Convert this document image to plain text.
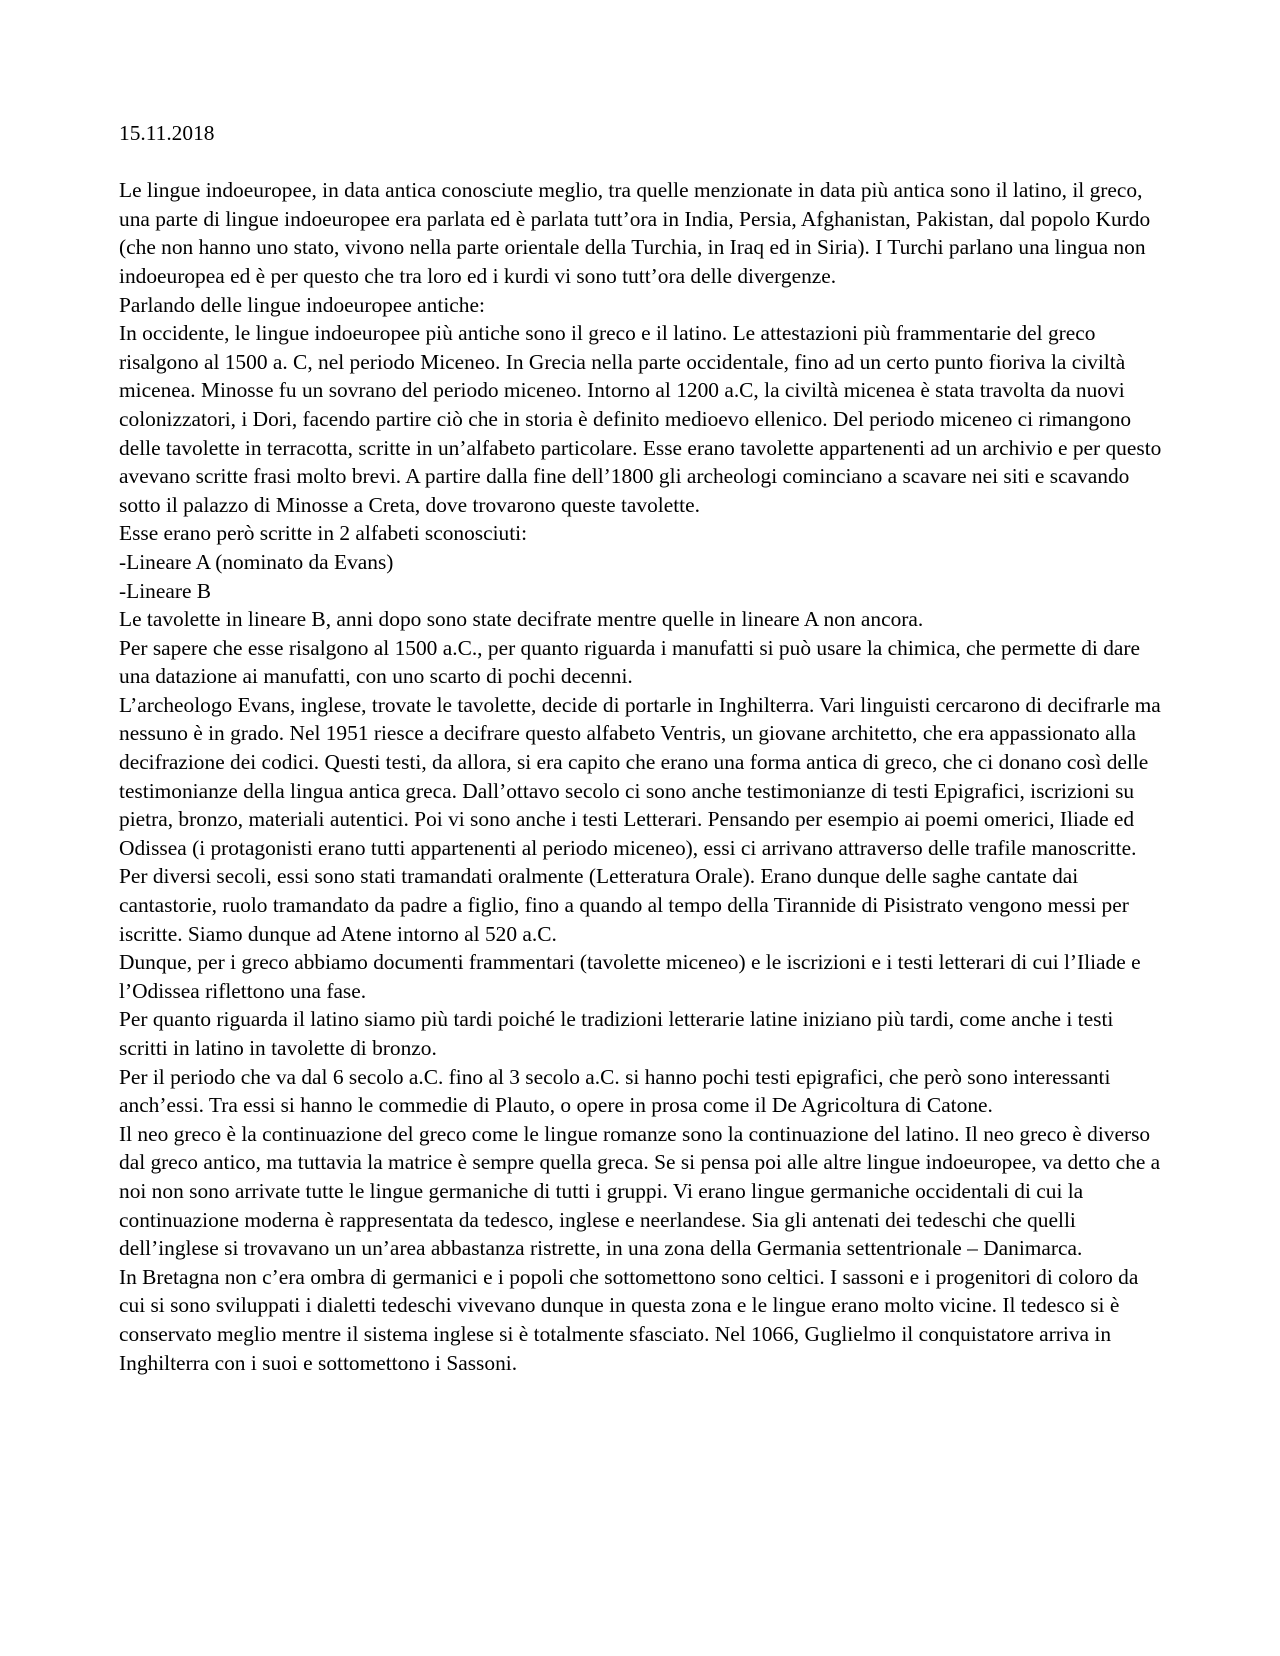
15.11.2018

Le lingue indoeuropee, in data antica conosciute meglio, tra quelle menzionate in data più antica sono il latino, il greco, una parte di lingue indoeuropee era parlata ed è parlata tutt’ora in India, Persia, Afghanistan, Pakistan, dal popolo Kurdo (che non hanno uno stato, vivono nella parte orientale della Turchia, in Iraq ed in Siria). I Turchi parlano una lingua non indoeuropea ed è per questo che tra loro ed i kurdi vi sono tutt’ora delle divergenze.

Parlando delle lingue indoeuropee antiche:

In occidente, le lingue indoeuropee più antiche sono il greco e il latino. Le attestazioni più frammentarie del greco risalgono al 1500 a. C, nel periodo Miceneo. In Grecia nella parte occidentale, fino ad un certo punto fioriva la civiltà micenea. Minosse fu un sovrano del periodo miceneo. Intorno al 1200 a.C, la civiltà micenea è stata travolta da nuovi colonizzatori, i Dori, facendo partire ciò che in storia è definito medioevo ellenico. Del periodo miceneo ci rimangono delle tavolette in terracotta, scritte in un’alfabeto particolare. Esse erano tavolette appartenenti ad un archivio e per questo avevano scritte frasi molto brevi. A partire dalla fine dell’1800 gli archeologi cominciano a scavare nei siti e scavando sotto il palazzo di Minosse a Creta, dove trovarono queste tavolette.

Esse erano però scritte in 2 alfabeti sconosciuti:

-Lineare A (nominato da Evans)

-Lineare B

Le tavolette in lineare B, anni dopo sono state decifrate mentre quelle in lineare A non ancora.

Per sapere che esse risalgono al 1500 a.C., per quanto riguarda i manufatti si può usare la chimica, che permette di dare una datazione ai manufatti, con uno scarto di pochi decenni.

L’archeologo Evans, inglese, trovate le tavolette, decide di portarle in Inghilterra. Vari linguisti cercarono di decifrarle ma nessuno è in grado. Nel 1951 riesce a decifrare questo alfabeto Ventris, un giovane architetto, che era appassionato alla decifrazione dei codici. Questi testi, da allora, si era capito che erano una forma antica di greco, che ci donano così delle testimonianze della lingua antica greca. Dall’ottavo secolo ci sono anche testimonianze di testi Epigrafici, iscrizioni su pietra, bronzo, materiali autentici. Poi vi sono anche i testi Letterari. Pensando per esempio ai poemi omerici, Iliade ed Odissea (i protagonisti erano tutti appartenenti al periodo miceneo), essi ci arrivano attraverso delle trafile manoscritte. Per diversi secoli, essi sono stati tramandati oralmente (Letteratura Orale). Erano dunque delle saghe cantate dai cantastorie, ruolo tramandato da padre a figlio, fino a quando al tempo della Tirannide di Pisistrato vengono messi per iscritte. Siamo dunque ad Atene intorno al 520 a.C.

Dunque, per i greco abbiamo documenti frammentari (tavolette miceneo) e le iscrizioni e i testi letterari di cui l’Iliade e l’Odissea riflettono una fase.

Per quanto riguarda il latino siamo più tardi poiché le tradizioni letterarie latine iniziano più tardi, come anche i testi scritti in latino in tavolette di bronzo.

Per il periodo che va dal 6 secolo a.C. fino al 3 secolo a.C. si hanno pochi testi epigrafici, che però sono interessanti anch’essi. Tra essi si hanno le commedie di Plauto, o opere in prosa come il De Agricoltura di Catone.

Il neo greco è la continuazione del greco come le lingue romanze sono la continuazione del latino. Il neo greco è diverso dal greco antico, ma tuttavia la matrice è sempre quella greca. Se si pensa poi alle altre lingue indoeuropee, va detto che a noi non sono arrivate tutte le lingue germaniche di tutti i gruppi. Vi erano lingue germaniche occidentali di cui la continuazione moderna è rappresentata da tedesco, inglese e neerlandese. Sia gli antenati dei tedeschi che quelli dell’inglese si trovavano un un’area abbastanza ristrette, in una zona della Germania settentrionale – Danimarca.

In Bretagna non c’era ombra di germanici e i popoli che sottomettono sono celtici. I sassoni e i progenitori di coloro da cui si sono sviluppati i dialetti tedeschi vivevano dunque in questa zona e le lingue erano molto vicine. Il tedesco si è conservato meglio mentre il sistema inglese si è totalmente sfasciato. Nel 1066, Guglielmo il conquistatore arriva in Inghilterra con i suoi e sottomettono i Sassoni.
